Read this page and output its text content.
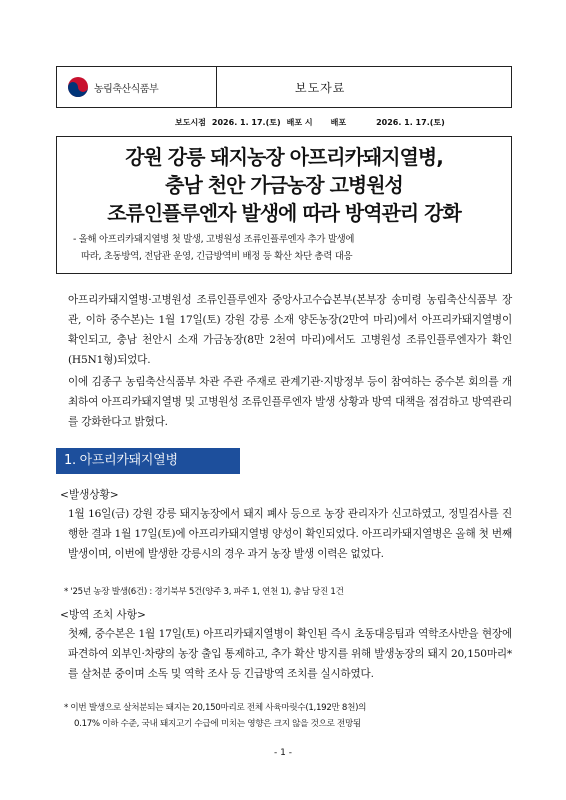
농림축산식품부	보도자료
보도시점 2026. 1. 17.(토) 배포 시 배포	2026. 1. 17.(토)
강원 강릉 돼지농장 아프리카돼지열병,
충남 천안 가금농장 고병원성
조류인플루엔자 발생에 따라 방역관리 강화
- 올해 아프리카돼지열병 첫 발생, 고병원성 조류인플루엔자 추가 발생에
따라, 초동방역, 전담관 운영, 긴급방역비 배정 등 확산 차단 총력 대응
아프리카돼지열병·고병원성 조류인플루엔자 중앙사고수습본부(본부장 송미령 농림축산식품부 장관, 이하 중수본)는 1월 17일(토) 강원 강릉 소재 양돈농장(2만여 마리)에서 아프리카돼지열병이 확인되고, 충남 천안시 소재 가금농장(8만 2천여 마리)에서도 고병원성 조류인플루엔자가 확인(H5N1형)되었다.
이에 김종구 농림축산식품부 차관 주관 주재로 관계기관·지방정부 등이 참여하는 중수본 회의를 개최하여 아프리카돼지열병 및 고병원성 조류인플루엔자 발생 상황과 방역 대책을 점검하고 방역관리를 강화한다고 밝혔다.
1. 아프리카돼지열병
<발생상황>
1월 16일(금) 강원 강릉 돼지농장에서 돼지 폐사 등으로 농장 관리자가 신고하였고, 정밀검사를 진행한 결과 1월 17일(토)에 아프리카돼지열병 양성이 확인되었다. 아프리카돼지열병은 올해 첫 번째 발생이며, 이번에 발생한 강릉시의 경우 과거 농장 발생 이력은 없었다.
* '25년 농장 발생(6건) : 경기북부 5건(양주 3, 파주 1, 연천 1), 충남 당진 1건
<방역 조치 사항>
첫째, 중수본은 1월 17일(토) 아프리카돼지열병이 확인된 즉시 초동대응팀과 역학조사반을 현장에 파견하여 외부인·차량의 농장 출입 통제하고, 추가 확산 방지를 위해 발생농장의 돼지 20,150마리*를 살처분 중이며 소독 및 역학 조사 등 긴급방역 조치를 실시하였다.
* 이번 발생으로 살처분되는 돼지는 20,150마리로 전체 사육마릿수(1,192만 8천)의
0.17% 이하 수준, 국내 돼지고기 수급에 미치는 영향은 크지 않을 것으로 전망됨
- 1 -
